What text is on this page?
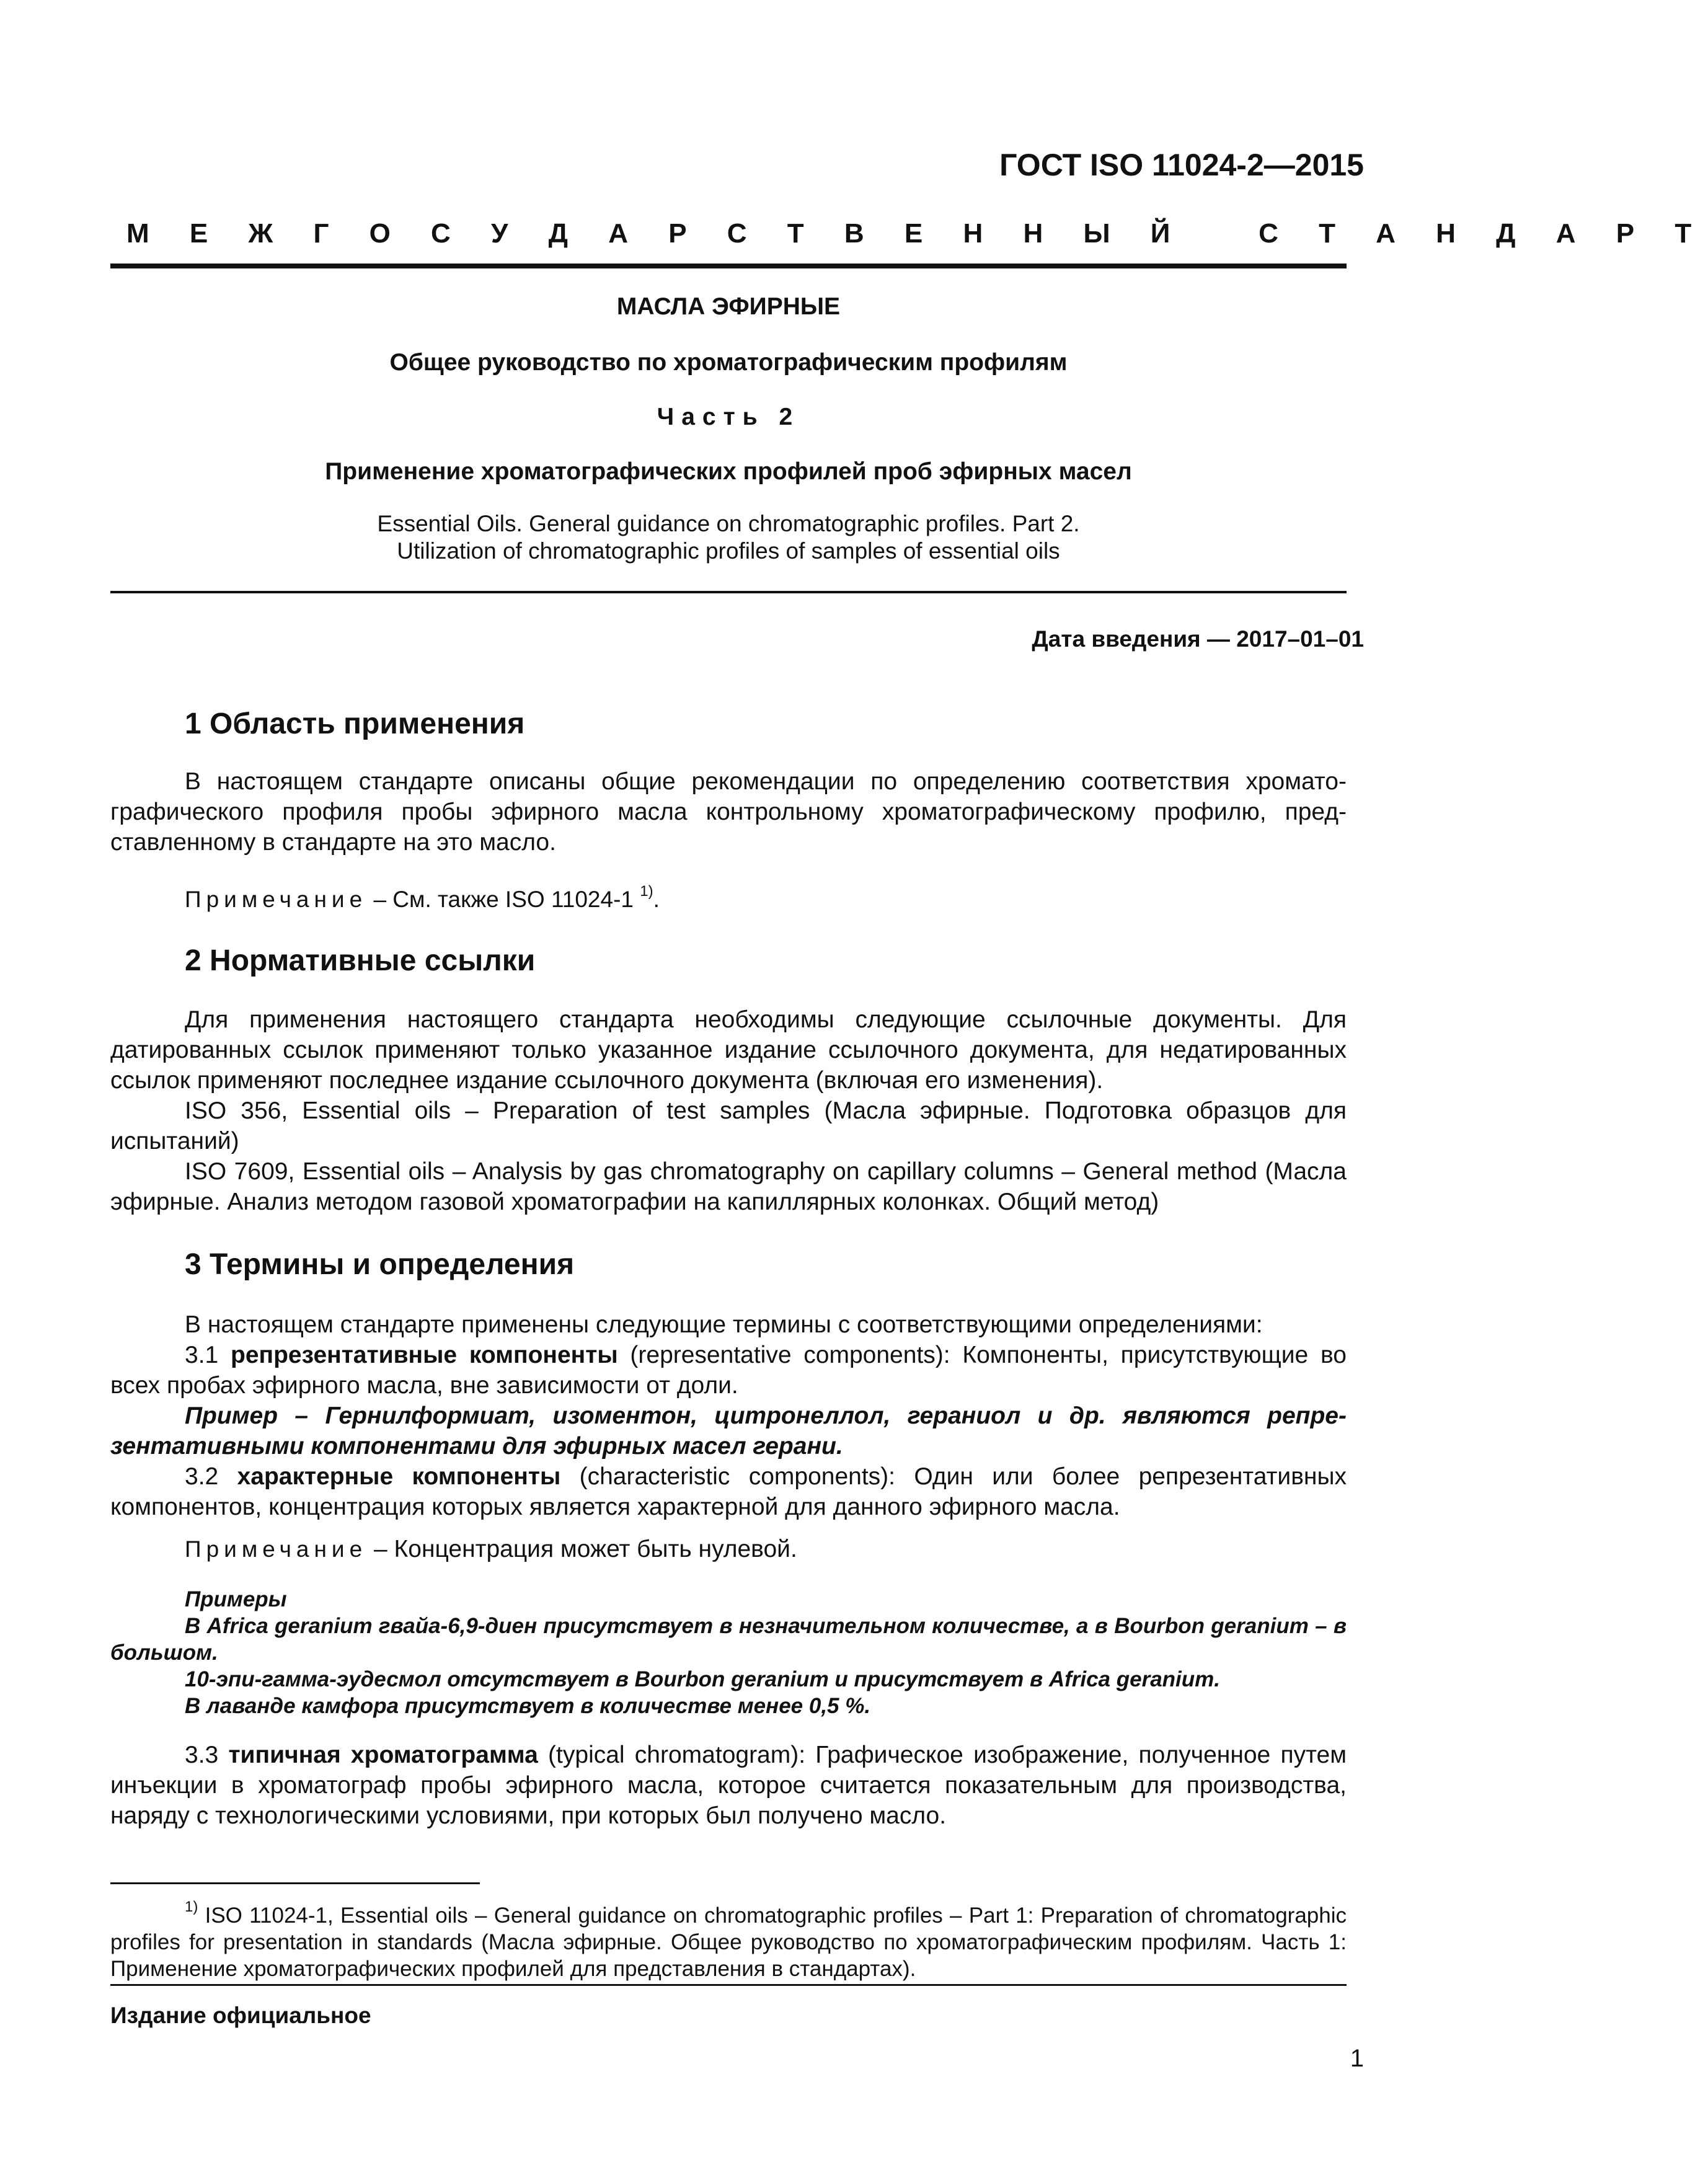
ГОСТ ISO 11024-2—2015
М Е Ж Г О С У Д А Р С Т В Е Н Н Ы Й   С Т А Н Д А Р Т
МАСЛА ЭФИРНЫЕ
Общее руководство по хроматографическим профилям
Часть 2
Применение хроматографических профилей проб эфирных масел
Essential Oils. General guidance on chromatographic profiles. Part 2.
Utilization of chromatographic profiles of samples of essential oils
Дата введения — 2017–01–01
1 Область применения
В настоящем стандарте описаны общие рекомендации по определению соответствия хроматографического профиля пробы эфирного масла контрольному хроматографическому профилю, представленному в стандарте на это масло.
Примечание – См. также ISO 11024-1 $^{1)}$.
2 Нормативные ссылки
Для применения настоящего стандарта необходимы следующие ссылочные документы. Для датированных ссылок применяют только указанное издание ссылочного документа, для недатированных ссылок применяют последнее издание ссылочного документа (включая его изменения).
ISO 356, Essential oils – Preparation of test samples (Масла эфирные. Подготовка образцов для испытаний)
ISO 7609, Essential oils – Analysis by gas chromatography on capillary columns – General method (Масла эфирные. Анализ методом газовой хроматографии на капиллярных колонках. Общий метод)
3 Термины и определения
В настоящем стандарте применены следующие термины с соответствующими определениями:
3.1 репрезентативные компоненты (representative components): Компоненты, присутствующие во всех пробах эфирного масла, вне зависимости от доли.
Пример – Гернилформиат, изоментон, цитронеллол, гераниол и др. являются репрезентативными компонентами для эфирных масел герани.
3.2 характерные компоненты (characteristic components): Один или более репрезентативных компонентов, концентрация которых является характерной для данного эфирного масла.
Примечание – Концентрация может быть нулевой.
Примеры
В Africa geranium гвайа-6,9-диен присутствует в незначительном количестве, а в Bourbon geranium – в большом.
10-эпи-гамма-эудесмол отсутствует в Bourbon geranium и присутствует в Africa geranium.
В лаванде камфора присутствует в количестве менее 0,5 %.
3.3 типичная хроматограмма (typical chromatogram): Графическое изображение, полученное путем инъекции в хроматограф пробы эфирного масла, которое считается показательным для производства, наряду с технологическими условиями, при которых был получено масло.
$^{1)}$ ISO 11024-1, Essential oils – General guidance on chromatographic profiles – Part 1: Preparation of chromatographic profiles for presentation in standards (Масла эфирные. Общее руководство по хроматографическим профилям. Часть 1: Применение хроматографических профилей для представления в стандартах).
Издание официальное
1
